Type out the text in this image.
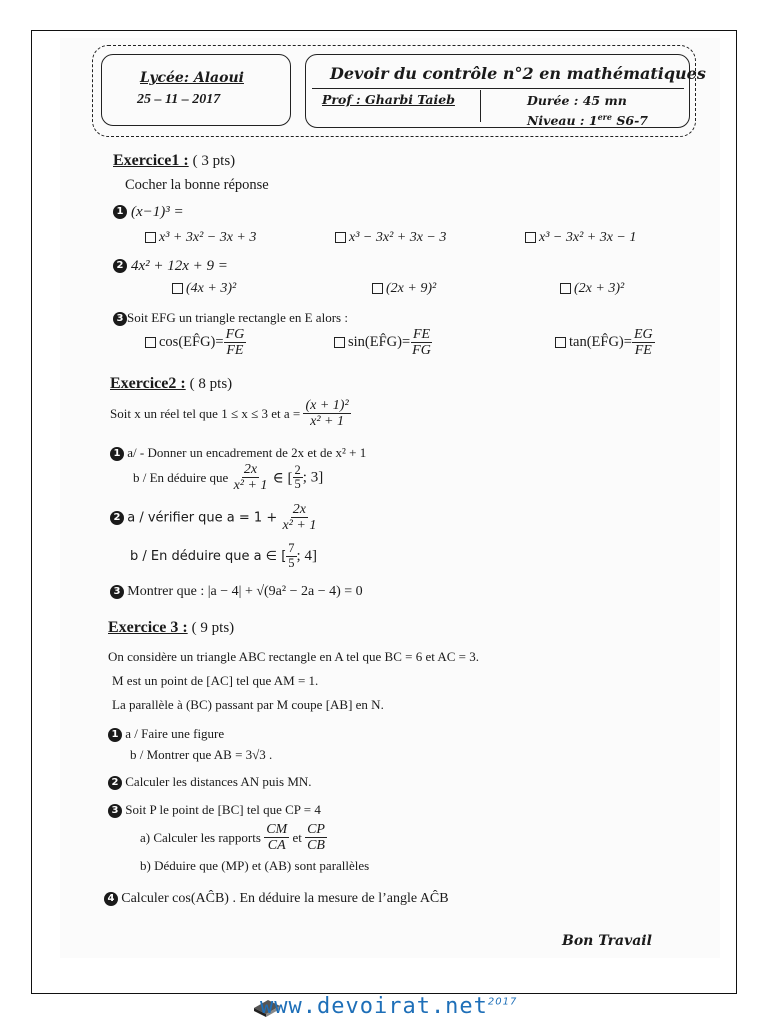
Lycée: Alaoui
25 – 11 – 2017
Devoir du contrôle n°2 en mathématiques
Prof : Gharbi Taieb	Durée : 45 mn
Niveau : 1ere S6-7
Exercice1 : ( 3 pts)
Cocher la bonne réponse
1 (x−1)³ =
x³ + 3x² − 3x + 3	x³ − 3x² + 3x − 3	x³ − 3x² + 3x − 1
2 4x² + 12x + 9 =
(4x + 3)²	(2x + 9)²	(2x + 3)²
3 Soit EFG un triangle rectangle en E alors :
cos(EF̂G)= $\frac{FG}{FE}$	sin(EF̂G)= $\frac{FE}{FG}$	tan(EF̂G)= $\frac{EG}{FE}$
Exercice2 : ( 8 pts)
Soit x un réel tel que 1 ≤ x ≤ 3 et $a = \frac{\text{(x + 1)²}}{\text{x² + 1}}$
1 a/ - Donner un encadrement de 2x et de x² + 1
b / En déduire que $\frac{2x}{\text{x² + 1}}$ ∈ [ $\frac{2}{5}$ ; 3]
2 a / vérifier que $a = 1 + \frac{2x}{\text{x² + 1}}$
b / En déduire que a ∈ [ $\frac{7}{5}$ ; 4]
3 Montrer que : |a − 4| + √(9a² − 2a − 4) = 0
Exercice 3 : ( 9 pts)
On considère un triangle ABC rectangle en A tel que BC = 6 et AC = 3.
M est un point de [AC] tel que AM = 1.
La parallèle à (BC) passant par M coupe [AB] en N.
1 a / Faire une figure
b / Montrer que AB = 3√3 .
2 Calculer les distances AN puis MN.
3 Soit P le point de [BC] tel que CP = 4
a) Calculer les rapports $\frac{CM}{CA}$ et $\frac{CP}{CB}$
b) Déduire que (MP) et (AB) sont parallèles
4 Calculer cos(AĈB) . En déduire la mesure de l’angle AĈB
Bon Travail
www.devoirat.net$^{2017}$
